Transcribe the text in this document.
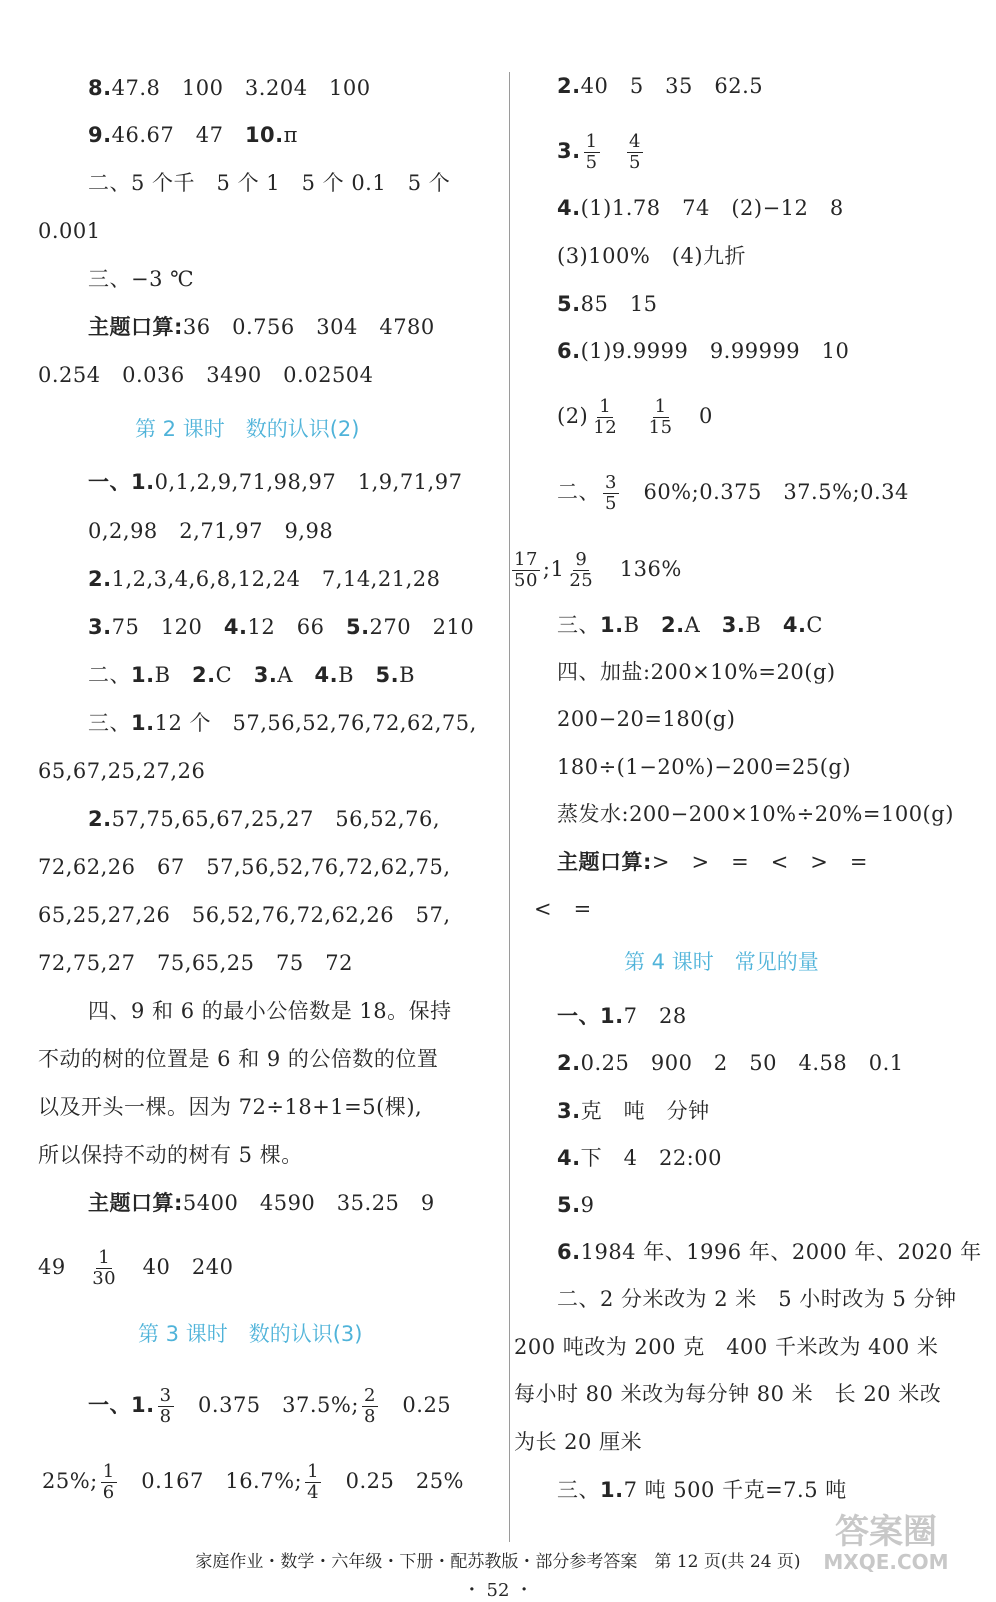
8.47.8　100　3.204　100
9.46.67　47　10.π
二、5 个千　5 个 1　5 个 0.1　5 个
0.001
三、−3 ℃
主题口算:36　0.756　304　4780
0.254　0.036　3490　0.02504
第 2 课时　数的认识(2)
一、1.0,1,2,9,71,98,97　1,9,71,97
0,2,98　2,71,97　9,98
2.1,2,3,4,6,8,12,24　7,14,21,28
3.75　120　4.12　66　5.270　210
二、1.B　2.C　3.A　4.B　5.B
三、1.12 个　57,56,52,76,72,62,75,
65,67,25,27,26
2.57,75,65,67,25,27　56,52,76,
72,62,26　67　57,56,52,76,72,62,75,
65,25,27,26　56,52,76,72,62,26　57,
72,75,27　75,65,25　75　72
四、9 和 6 的最小公倍数是 18。保持
不动的树的位置是 6 和 9 的公倍数的位置
以及开头一棵。因为 72÷18+1=5(棵),
所以保持不动的树有 5 棵。
主题口算:5400　4590　35.25　9
49　 $\frac{1}{30}$ 　40　240
第 3 课时　数的认识(3)
一、1. $\frac{3}{8}$ 　0.375　37.5%; $\frac{2}{8}$ 　0.25
25%; $\frac{1}{6}$ 　0.167　16.7%; $\frac{1}{4}$ 　0.25　25%
2.40　5　35　62.5
3. $\frac{1}{5}$
　 $\frac{4}{5}$
4.(1)1.78　74　(2)−12　8
(3)100%　(4)九折
5.85　15
6.(1)9.9999　9.99999　10
$(2) \frac{1}{12}$
　 $\frac{1}{15}$ 　0
二、 $\frac{3}{5}$ 　60%;0.375　37.5%;0.34
$\frac{17}{50}$ ;1 $\frac{9}{25}$ 　136%
三、1.B　2.A　3.B　4.C
四、加盐:200×10%=20(g)
200−20=180(g)
180÷(1−20%)−200=25(g)
蒸发水:200−200×10%÷20%=100(g)
主题口算:>　>　=　<　>　=
<　=
第 4 课时　常见的量
一、1.7　28
2.0.25　900　2　50　4.58　0.1
3.克　吨　分钟
4.下　4　22:00
5.9
6.1984 年、1996 年、2000 年、2020 年
二、2 分米改为 2 米　5 小时改为 5 分钟
200 吨改为 200 克　400 千米改为 400 米
每小时 80 米改为每分钟 80 米　长 20 米改
为长 20 厘米
三、1.7 吨 500 千克=7.5 吨
答案圈
MXQE.COM
家庭作业・数学・六年级・下册・配苏教版・部分参考答案　第 12 页(共 24 页)
・ 52 ・
